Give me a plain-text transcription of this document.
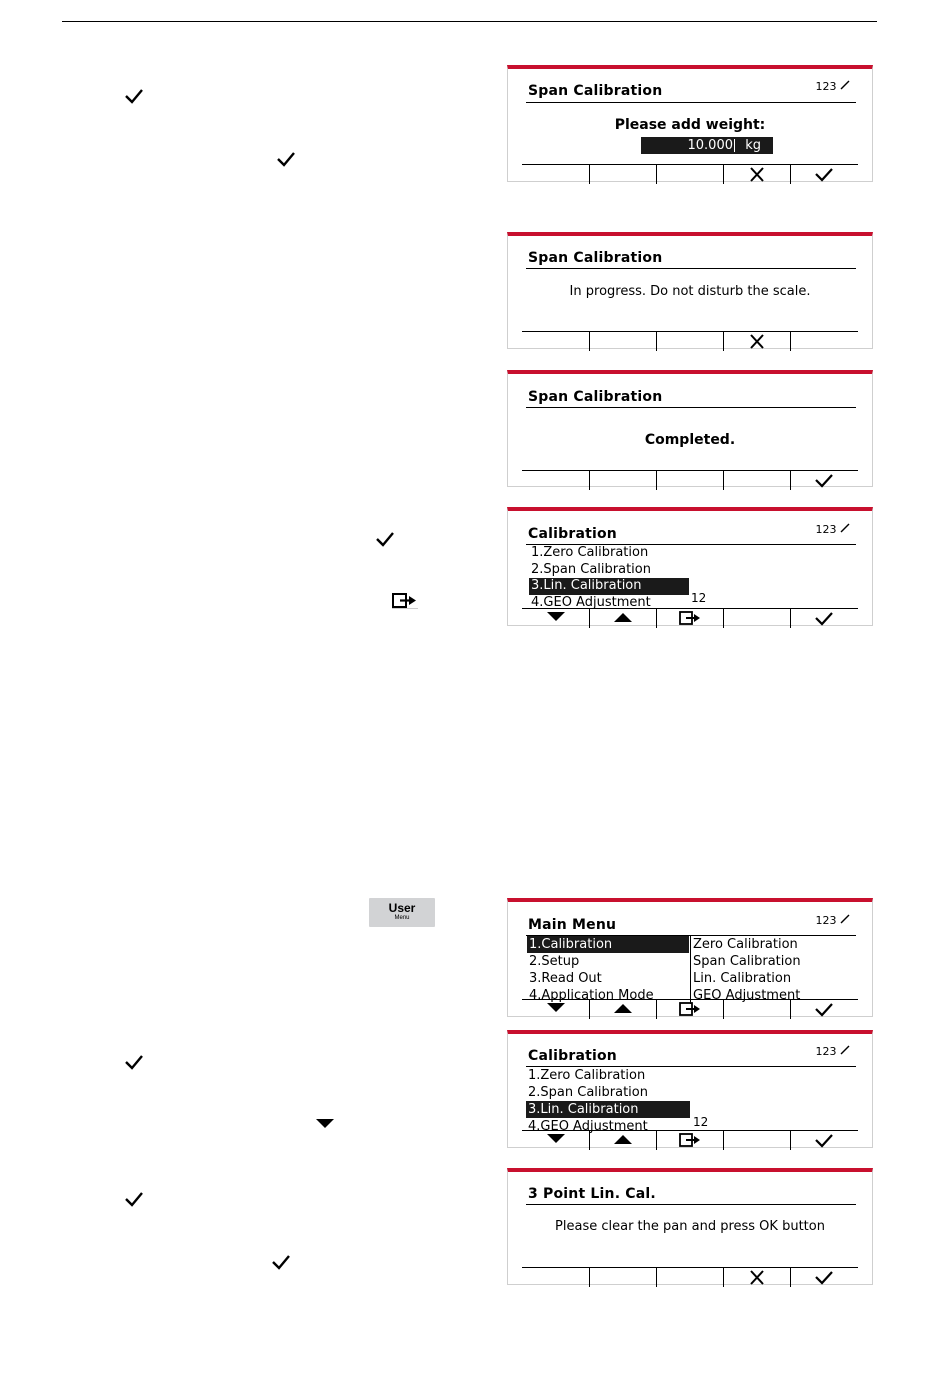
User
Menu
Span Calibration	123
Please add weight:
10.000 kg
Span Calibration
In progress. Do not disturb the scale.
Span Calibration
Completed.
Calibration	123
1.Zero Calibration
2.Span Calibration
3.Lin. Calibration
4.GEO Adjustment	12
Main Menu	123
1.Calibration
2.Setup
3.Read Out
4.Application Mode
Zero Calibration
Span Calibration
Lin. Calibration
GEO Adjustment
Calibration	123
1.Zero Calibration
2.Span Calibration
3.Lin. Calibration
4.GEO Adjustment	12
3 Point Lin. Cal.
Please clear the pan and press OK button
